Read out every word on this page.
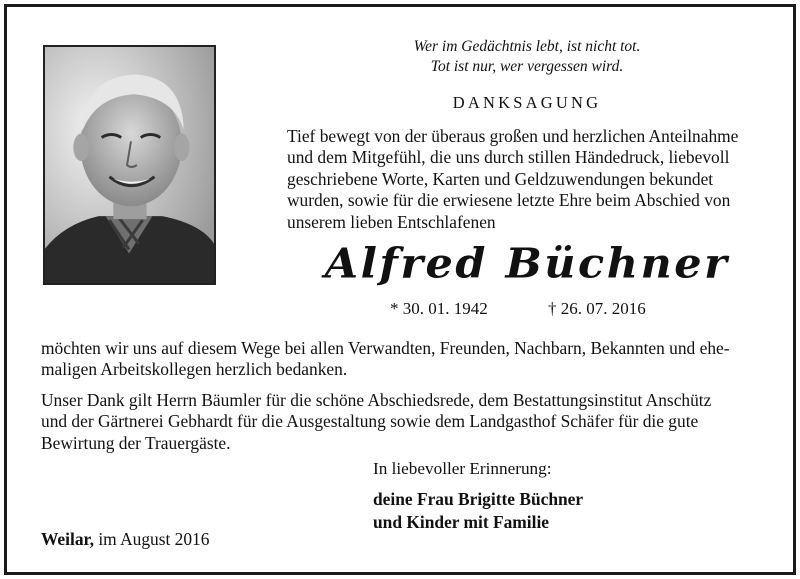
Wer im Gedächtnis lebt, ist nicht tot.
Tot ist nur, wer vergessen wird.
DANKSAGUNG

Tief bewegt von der überaus großen und herzlichen Anteilnahme

und dem Mitgefühl, die uns durch stillen Händedruck, liebevoll

geschriebene Worte, Karten und Geldzuwendungen bekundet

wurden, sowie für die erwiesene letzte Ehre beim Abschied von

unserem lieben Entschlafenen

Alfred Büchner
* 30. 01. 1942	† 26. 07. 2016
möchten wir uns auf diesem Wege bei allen Verwandten, Freunden, Nachbarn, Bekannten und ehe-
maligen Arbeitskollegen herzlich bedanken.
Unser Dank gilt Herrn Bäumler für die schöne Abschiedsrede, dem Bestattungsinstitut Anschütz
und der Gärtnerei Gebhardt für die Ausgestaltung sowie dem Landgasthof Schäfer für die gute
Bewirtung der Trauergäste.
In liebevoller Erinnerung:
deine Frau Brigitte Büchner
und Kinder mit Familie
Weilar, im August 2016
